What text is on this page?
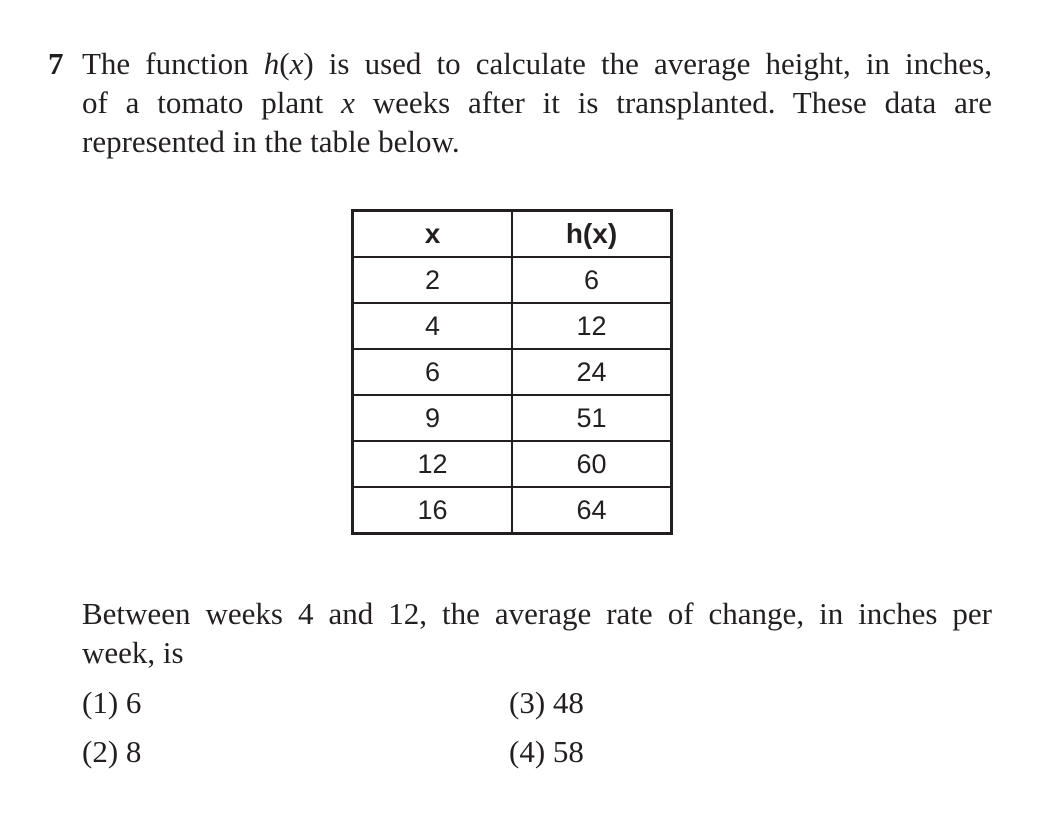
7 The function h(x) is used to calculate the average height, in inches,
of a tomato plant x weeks after it is transplanted. These data are
represented in the table below.
x	h(x)
2	6
4	12
6	24
9	51
12	60
16	64
Between weeks 4 and 12, the average rate of change, in inches per
week, is
(1) 6
(2) 8
(3) 48
(4) 58
